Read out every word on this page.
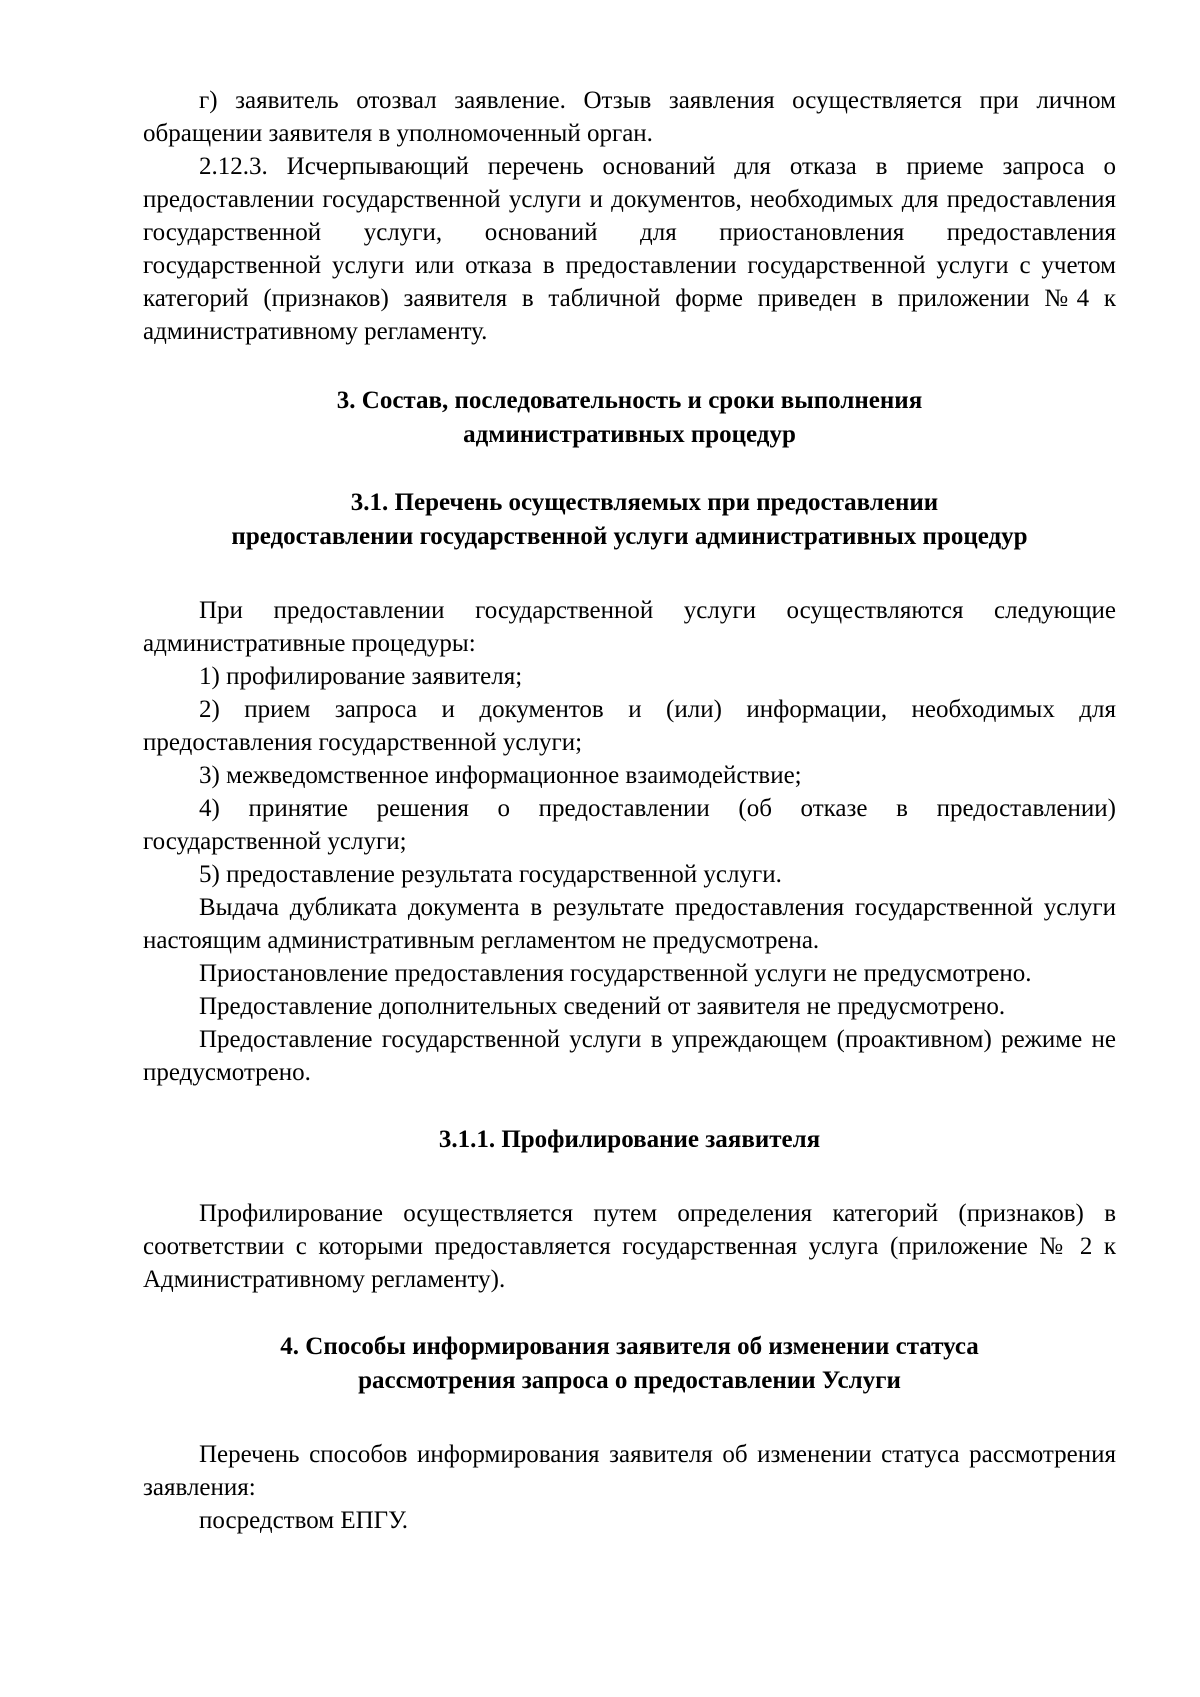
г) заявитель отозвал заявление. Отзыв заявления осуществляется при личном обращении заявителя в уполномоченный орган.

2.12.3. Исчерпывающий перечень оснований для отказа в приеме запроса о предоставлении государственной услуги и документов, необходимых для предоставления государственной услуги, оснований для приостановления предоставления государственной услуги или отказа в предоставлении государственной услуги с учетом категорий (признаков) заявителя в табличной форме приведен в приложении №4 к административному регламенту.

3. Состав, последовательность и сроки выполнения
административных процедур
3.1. Перечень осуществляемых при предоставлении
предоставлении государственной услуги административных процедур

При предоставлении государственной услуги осуществляются следующие административные процедуры:

1) профилирование заявителя;

2) прием запроса и документов и (или) информации, необходимых для предоставления государственной услуги;

3) межведомственное информационное взаимодействие;

4) принятие решения о предоставлении (об отказе в предоставлении) государственной услуги;

5) предоставление результата государственной услуги.

Выдача дубликата документа в результате предоставления государственной услуги настоящим административным регламентом не предусмотрена.

Приостановление предоставления государственной услуги не предусмотрено.

Предоставление дополнительных сведений от заявителя не предусмотрено.

Предоставление государственной услуги в упреждающем (проактивном) режиме не предусмотрено.

3.1.1. Профилирование заявителя

Профилирование осуществляется путем определения категорий (признаков) в соответствии с которыми предоставляется государственная услуга (приложение № 2 к Административному регламенту).

4. Способы информирования заявителя об изменении статуса
рассмотрения запроса о предоставлении Услуги

Перечень способов информирования заявителя об изменении статуса рассмотрения заявления:

посредством ЕПГУ.
